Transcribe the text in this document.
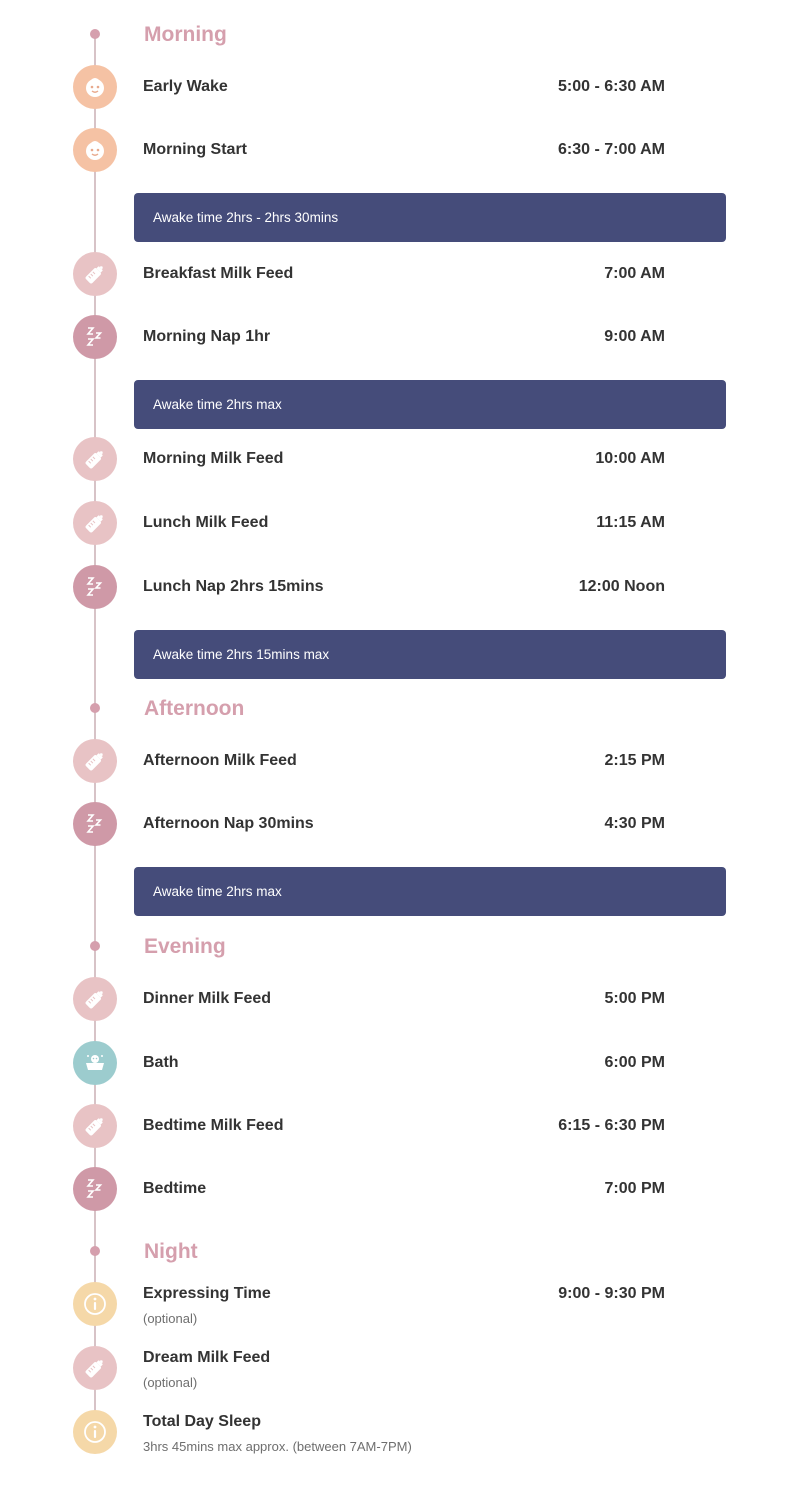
Morning
Early Wake	5:00 - 6:30 AM
Morning Start	6:30 - 7:00 AM
Awake time 2hrs - 2hrs 30mins
Breakfast Milk Feed	7:00 AM
Morning Nap 1hr	9:00 AM
Awake time 2hrs max
Morning Milk Feed	10:00 AM
Lunch Milk Feed	11:15 AM
Lunch Nap 2hrs 15mins	12:00 Noon
Awake time 2hrs 15mins max
Afternoon
Afternoon Milk Feed	2:15 PM
Afternoon Nap 30mins	4:30 PM
Awake time 2hrs max
Evening
Dinner Milk Feed	5:00 PM
Bath	6:00 PM
Bedtime Milk Feed	6:15 - 6:30 PM
Bedtime	7:00 PM
Night
Expressing Time	9:00 - 9:30 PM
(optional)
Dream Milk Feed
(optional)
Total Day Sleep
3hrs 45mins max approx. (between 7AM-7PM)
